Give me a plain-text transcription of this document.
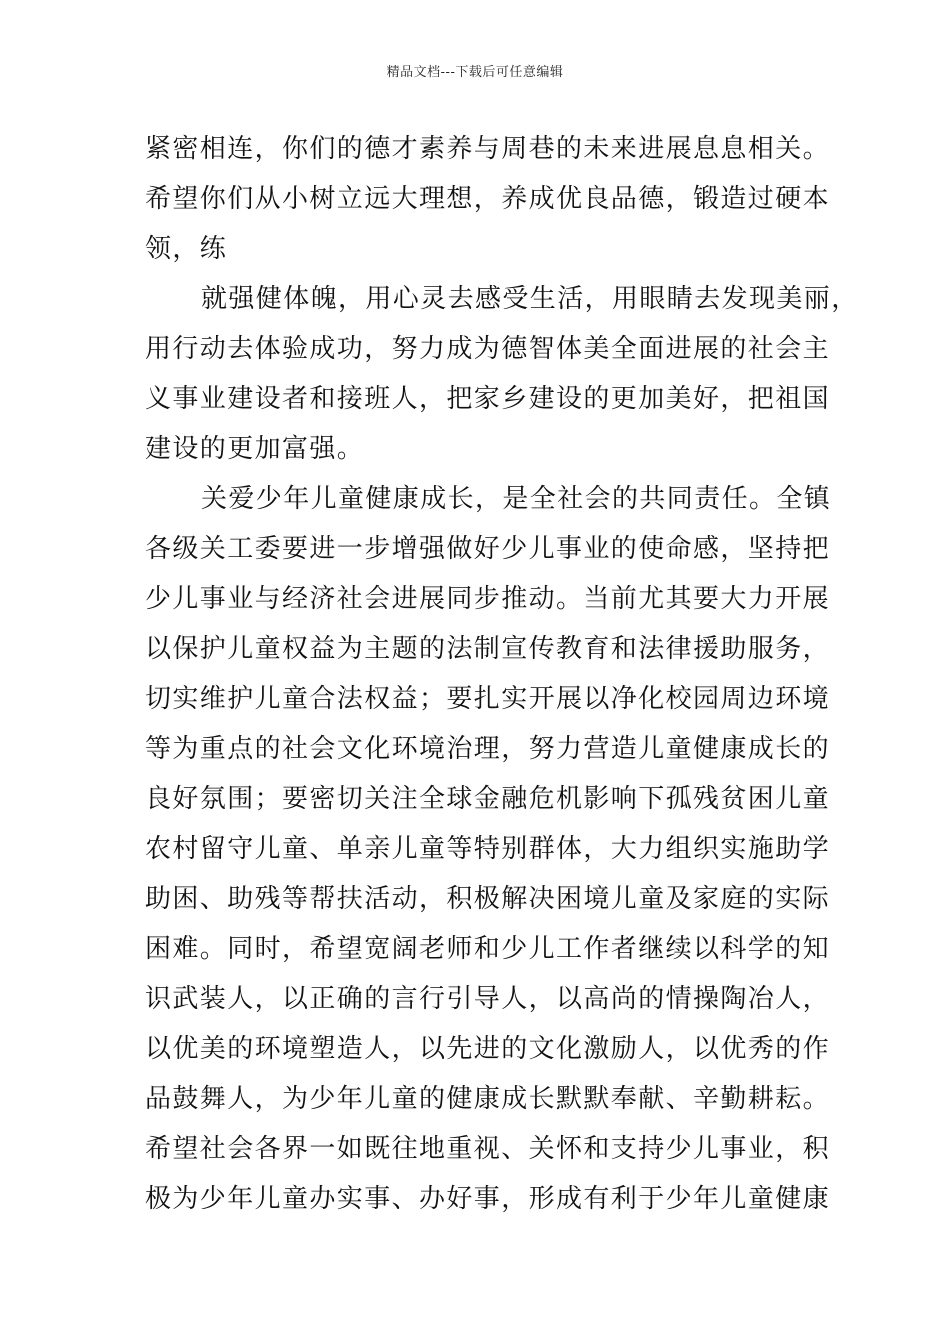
精品文档---下载后可任意编辑
紧密相连，你们的德才素养与周巷的未来进展息息相关。
希望你们从小树立远大理想，养成优良品德，锻造过硬本
领，练
就强健体魄，用心灵去感受生活，用眼睛去发现美丽，
用行动去体验成功，努力成为德智体美全面进展的社会主
义事业建设者和接班人，把家乡建设的更加美好，把祖国
建设的更加富强。
关爱少年儿童健康成长，是全社会的共同责任。全镇
各级关工委要进一步增强做好少儿事业的使命感，坚持把
少儿事业与经济社会进展同步推动。当前尤其要大力开展
以保护儿童权益为主题的法制宣传教育和法律援助服务，
切实维护儿童合法权益；要扎实开展以净化校园周边环境
等为重点的社会文化环境治理，努力营造儿童健康成长的
良好氛围；要密切关注全球金融危机影响下孤残贫困儿童
农村留守儿童、单亲儿童等特别群体，大力组织实施助学
助困、助残等帮扶活动，积极解决困境儿童及家庭的实际
困难。同时，希望宽阔老师和少儿工作者继续以科学的知
识武装人，以正确的言行引导人，以高尚的情操陶冶人，
以优美的环境塑造人，以先进的文化激励人，以优秀的作
品鼓舞人，为少年儿童的健康成长默默奉献、辛勤耕耘。
希望社会各界一如既往地重视、关怀和支持少儿事业，积
极为少年儿童办实事、办好事，形成有利于少年儿童健康
